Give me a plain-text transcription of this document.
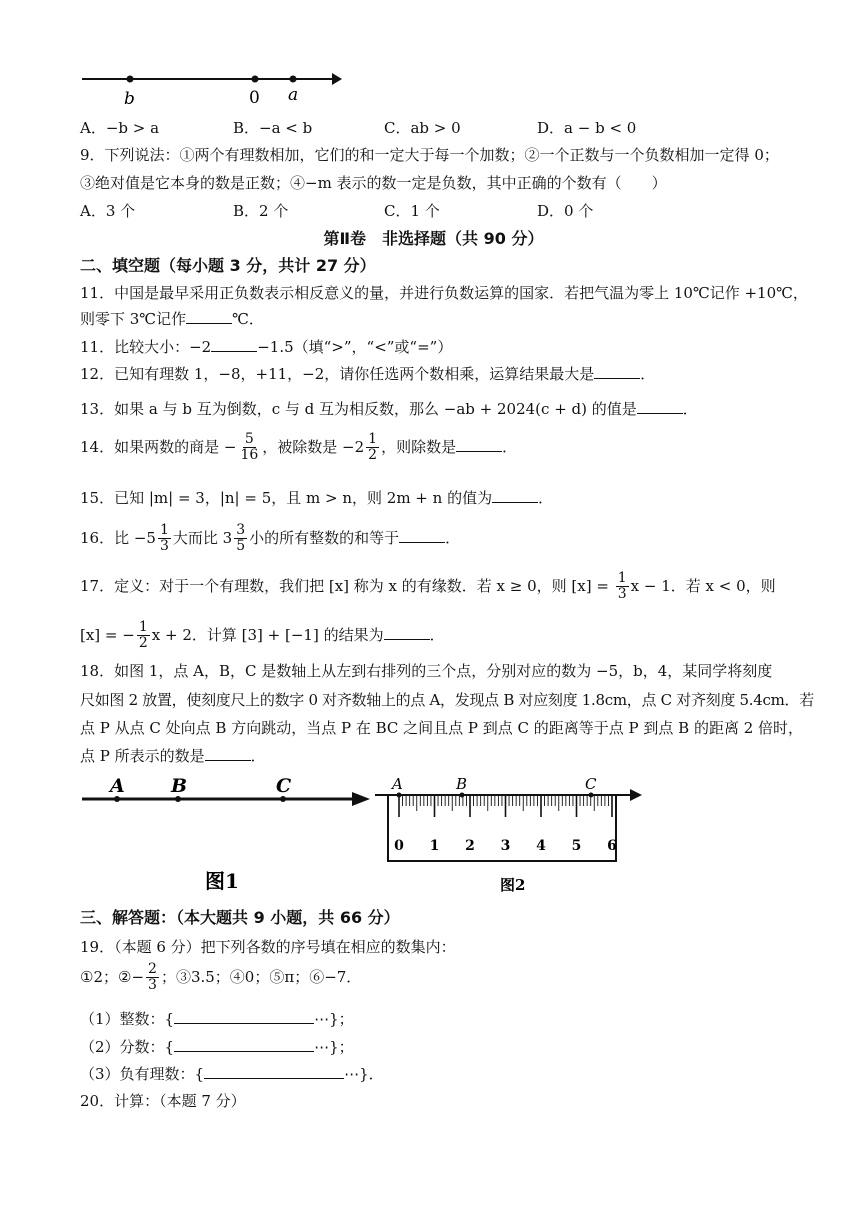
b	0 a
A．−b > a	B．−a < b	C．ab > 0	D．a − b < 0
9．下列说法：①两个有理数相加，它们的和一定大于每一个加数；②一个正数与一个负数相加一定得 0；
③绝对值是它本身的数是正数；④−m 表示的数一定是负数，其中正确的个数有（　　）
A．3 个	B．2 个	C．1 个	D．0 个
第Ⅱ卷　非选择题（共 90 分）
二、填空题（每小题 3 分，共计 27 分）
11．中国是最早采用正负数表示相反意义的量，并进行负数运算的国家．若把气温为零上 10℃记作 +10℃，
则零下 3℃记作	℃．
11．比较大小：−2	−1.5（填“>”，“<”或“=”）
12．已知有理数 1，−8，+11，−2，请你任选两个数相乘，运算结果最大是	．
13．如果 a 与 b 互为倒数，c 与 d 互为相反数，那么 −ab + 2024(c + d) 的值是	．
14．如果两数的商是 − $\frac{5}{16}$ ，被除数是 $-2 \frac{1}{2}$ ，则除数是	．
15．已知 |m| = 3，|n| = 5，且 m > n，则 2m + n 的值为	．
16．比 $-5 \frac{1}{3}$ 大而比 $3 \frac{3}{5}$ 小的所有整数的和等于	．
17．定义：对于一个有理数，我们把 [x] 称为 x 的有缘数．若 x ≥ 0，则 $[x] = \frac{1}{3}$ x − 1．若 x < 0，则
[x] = − $\frac{1}{2}$ x + 2．计算 [3] + [−1] 的结果为	．
18．如图 1，点 A，B，C 是数轴上从左到右排列的三个点，分别对应的数为 −5，b，4，某同学将刻度
尺如图 2 放置，使刻度尺上的数字 0 对齐数轴上的点 A，发现点 B 对应刻度 1.8cm，点 C 对齐刻度 5.4cm．若
点 P 从点 C 处向点 B 方向跳动，当点 P 在 BC 之间且点 P 到点 C 的距离等于点 P 到点 B 的距离 2 倍时，
点 P 所表示的数是	．
A B	C
图1
A	B	C
0 1 2 3 4 5 6
图2
三、解答题：（本大题共 9 小题，共 66 分）
19．（本题 6 分）把下列各数的序号填在相应的数集内：
①2；②− $\frac{2}{3}$ ；③3.5；④0；⑤π；⑥−7．
（1）整数：{	⋯}；
（2）分数：{	⋯}；
（3）负有理数：{	⋯}．
20．计算：（本题 7 分）
